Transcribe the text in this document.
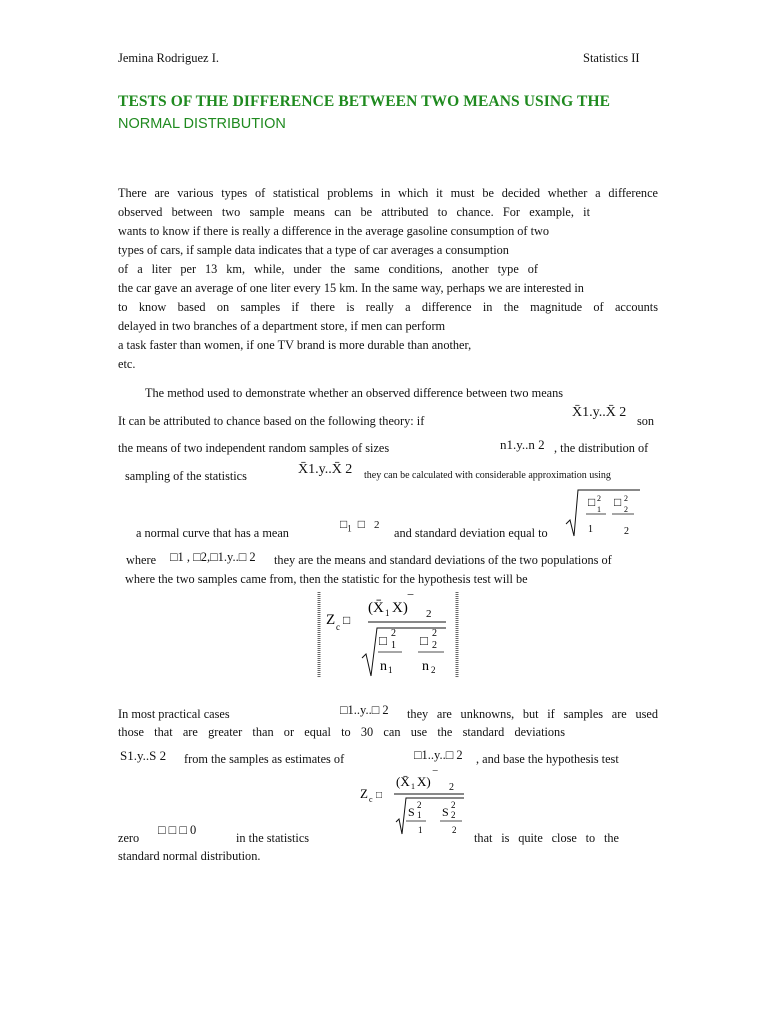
Jemina Rodriguez I.	Statistics II
TESTS OF THE DIFFERENCE BETWEEN TWO MEANS USING THE
NORMAL DISTRIBUTION
There are various types of statistical problems in which it must be decided whether a difference
observed between two sample means can be attributed to chance. For example, it
wants to know if there is really a difference in the average gasoline consumption of two
types of cars, if sample data indicates that a type of car averages a consumption
of a liter per 13 km, while, under the same conditions, another type of
the car gave an average of one liter every 15 km. In the same way, perhaps we are interested in
to know based on samples if there is really a difference in the magnitude of accounts
delayed in two branches of a department store, if men can perform
a task faster than women, if one TV brand is more durable than another,
etc.
The method used to demonstrate whether an observed difference between two means
It can be attributed to chance based on the following theory: if
X̄1.y..X̄ 2
son
the means of two independent random samples of sizes	n1.y..n 2 , the distribution of
sampling of the statistics	X̄1.y..X̄ 2 they can be calculated with considerable approximation using
a normal curve that has a mean
$□_1$ □ 2
and standard deviation equal to
□ 2
1
□ 2
2
1	2
where □1 , □2,□1.y..□ 2 they are the means and standard deviations of the two populations of
where the two samples came from, then the statistic for the hypothesis test will be
Z c □
(X̄ 1 X) ‾
2
□ 2
1 □ 2
2
n 1 n 2
In most practical cases	□1..y..□ 2 they are unknowns, but if samples are used
those that are greater than or equal to 30 can use the standard deviations
S1.y..S 2 from the samples as estimates of	□1..y..□ 2 , and base the hypothesis test
Z c □
(X̄ 1 X) ‾
2
S 2
1 S 2
2
1	2
zero
□ □ □ 0
in the statistics	that is quite close to the
standard normal distribution.
